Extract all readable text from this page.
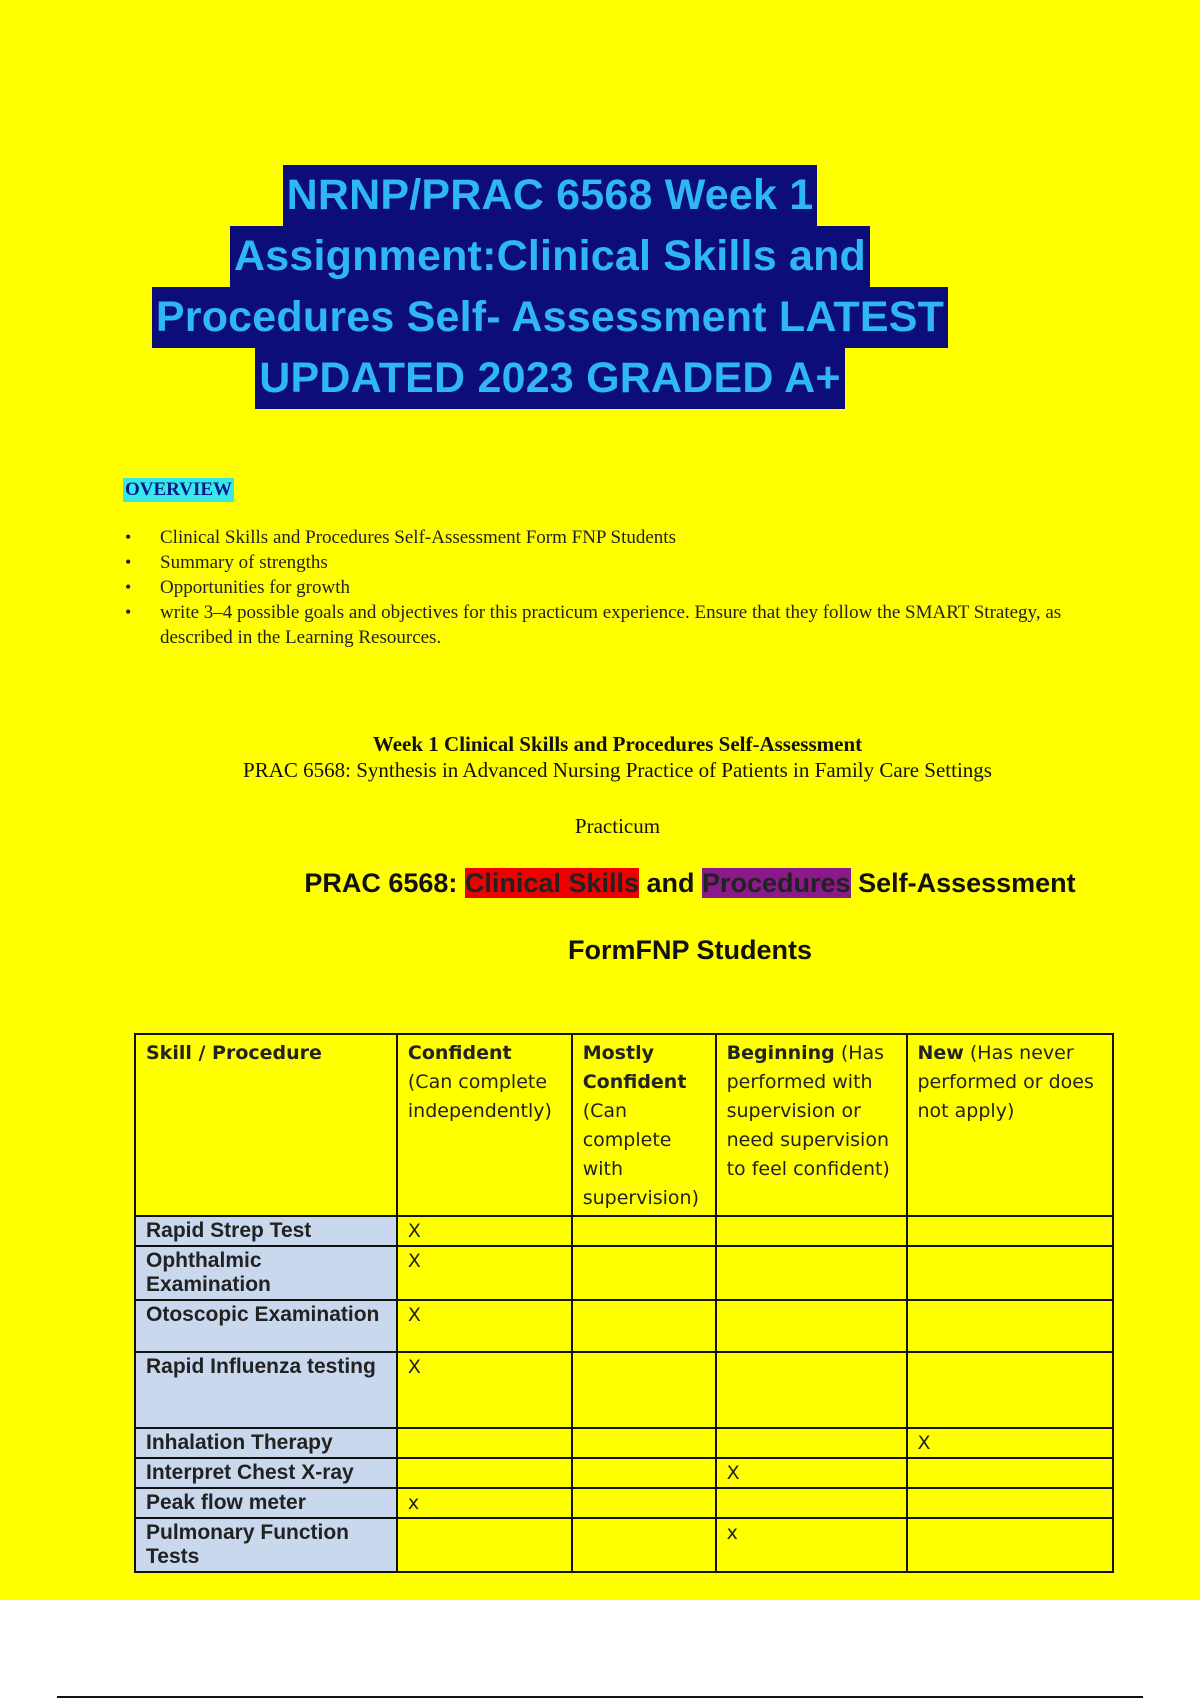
NRNP/PRAC 6568 Week 1
Assignment:Clinical Skills and
Procedures Self- Assessment LATEST
UPDATED 2023 GRADED A+
OVERVIEW
• Clinical Skills and Procedures Self-Assessment Form FNP Students
• Summary of strengths
• Opportunities for growth
• write 3–4 possible goals and objectives for this practicum experience. Ensure that they follow the SMART Strategy, as described in the Learning Resources.
Week 1 Clinical Skills and Procedures Self-Assessment
PRAC 6568: Synthesis in Advanced Nursing Practice of Patients in Family Care Settings
Practicum
PRAC 6568: Clinical Skills and Procedures Self-Assessment
FormFNP Students
Skill / Procedure	Confident (Can complete independently)	Mostly Confident (Can complete with supervision)	Beginning (Has performed with supervision or need supervision to feel confident)	New (Has never performed or does not apply)
Rapid Strep Test	X			
Ophthalmic Examination	X			
Otoscopic Examination	X			
Rapid Influenza testing	X			
Inhalation Therapy				X
Interpret Chest X-ray			X	
Peak flow meter	x			
Pulmonary Function Tests			x	
